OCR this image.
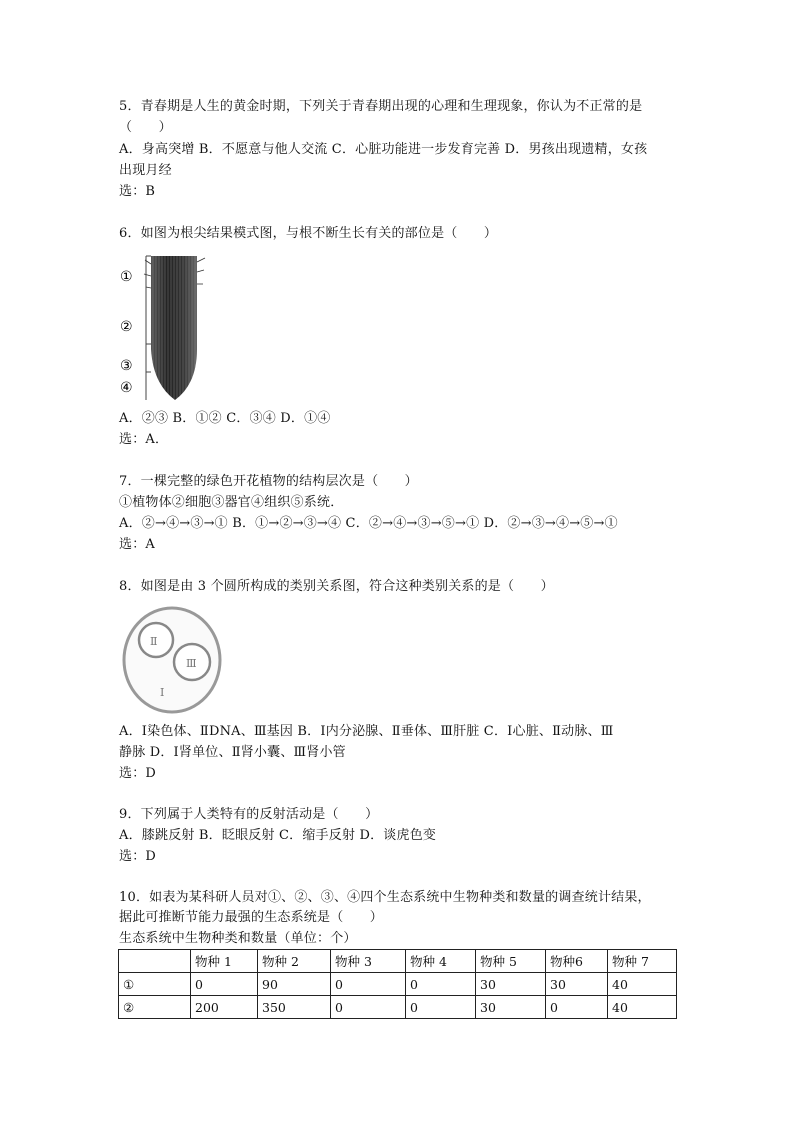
5．青春期是人生的黄金时期，下列关于青春期出现的心理和生理现象，你认为不正常的是
（　　）
A．身高突增 B．不愿意与他人交流 C．心脏功能进一步发育完善 D．男孩出现遗精，女孩
出现月经
选：B
6．如图为根尖结果模式图，与根不断生长有关的部位是（　　）
①
②
③
④
A．②③ B．①② C．③④ D．①④
选：A．
7．一棵完整的绿色开花植物的结构层次是（　　）
①植物体②细胞③器官④组织⑤系统．
A．②→④→③→① B．①→②→③→④ C．②→④→③→⑤→① D．②→③→④→⑤→①
选：A
8．如图是由 3 个圆所构成的类别关系图，符合这种类别关系的是（　　）
Ⅱ
Ⅲ
Ⅰ
A．Ⅰ染色体、ⅡDNA、Ⅲ基因 B．Ⅰ内分泌腺、Ⅱ垂体、Ⅲ肝脏 C．Ⅰ心脏、Ⅱ动脉、Ⅲ
静脉 D．Ⅰ肾单位、Ⅱ肾小囊、Ⅲ肾小管
选：D
9．下列属于人类特有的反射活动是（　　）
A．膝跳反射 B．眨眼反射 C．缩手反射 D．谈虎色变
选：D
10．如表为某科研人员对①、②、③、④四个生态系统中生物种类和数量的调查统计结果，
据此可推断节能力最强的生态系统是（　　）
生态系统中生物种类和数量（单位：个）
	物种 1	物种 2	物种 3	物种 4	物种 5	物种6	物种 7
①	0	90	0	0	30	30	40
②	200	350	0	0	30	0	40
